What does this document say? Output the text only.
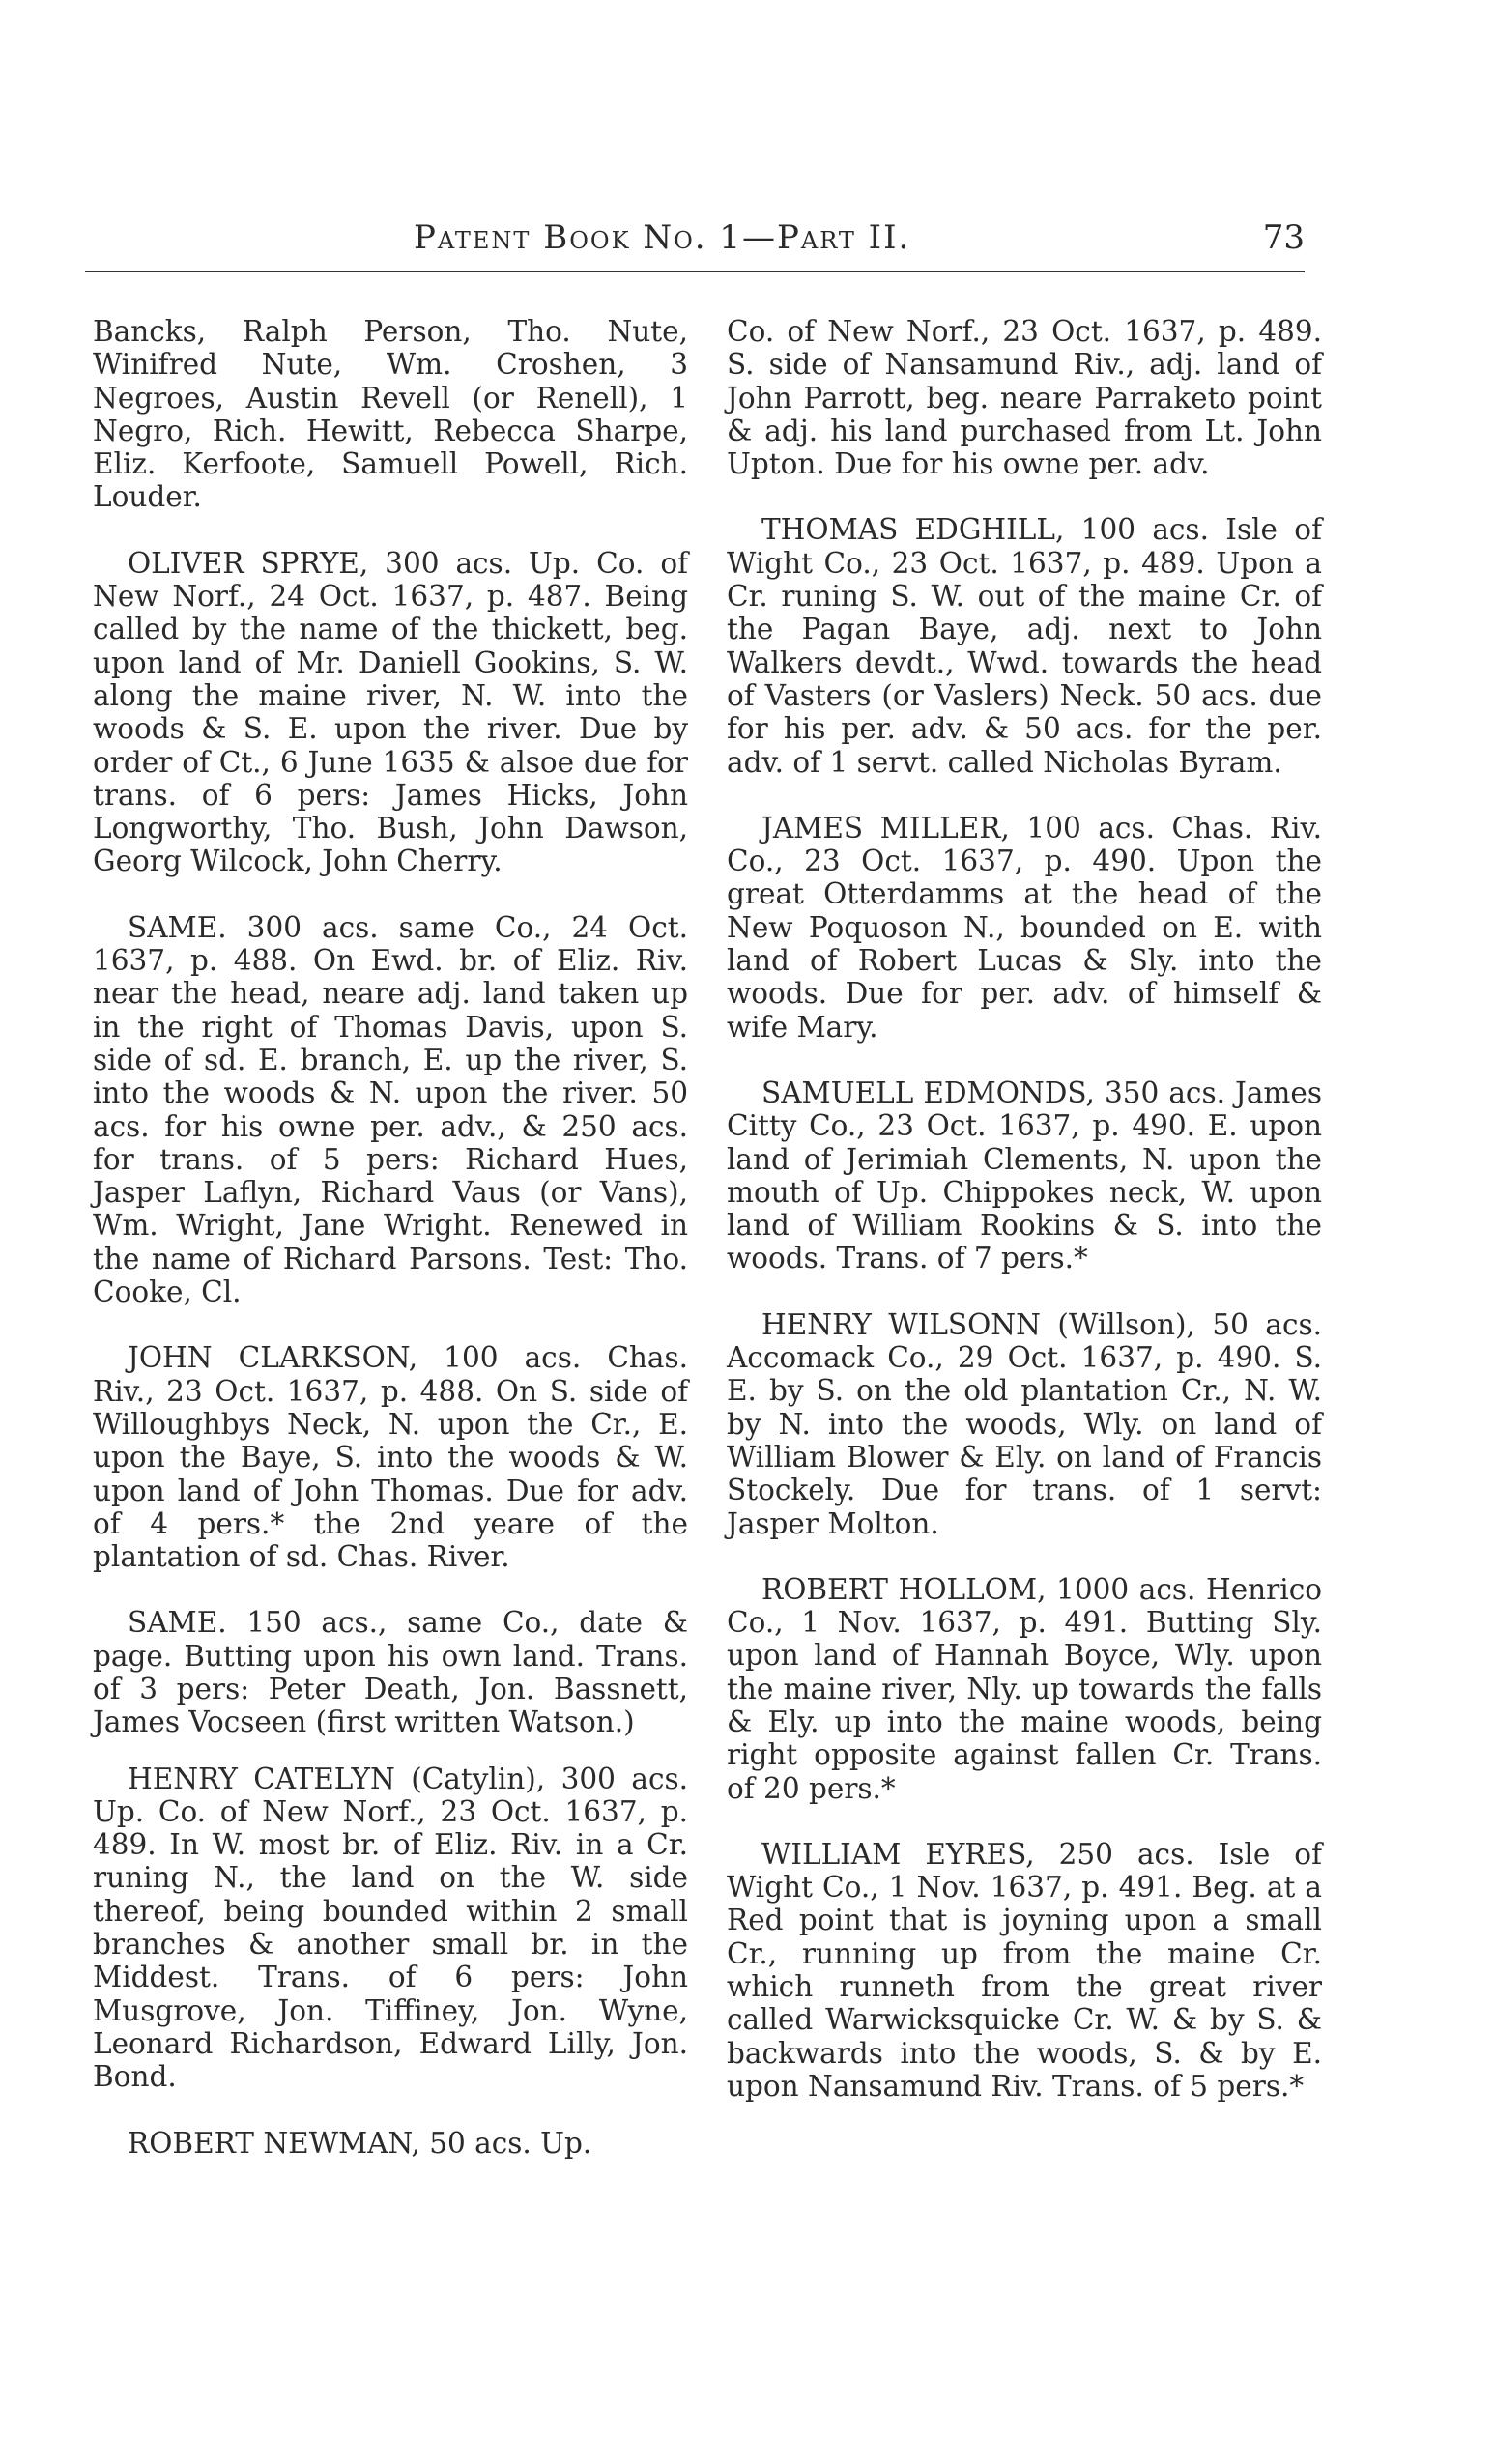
Patent Book No. 1—Part II.	73

Bancks, Ralph Person, Tho. Nute, Winifred Nute, Wm. Croshen, 3 Negroes, Austin Revell (or Renell), 1 Negro, Rich. Hewitt, Rebecca Sharpe, Eliz. Kerfoote, Samuell Powell, Rich. Louder.

OLIVER SPRYE, 300 acs. Up. Co. of New Norf., 24 Oct. 1637, p. 487. Being called by the name of the thickett, beg. upon land of Mr. Daniell Gookins, S. W. along the maine river, N. W. into the woods & S. E. upon the river. Due by order of Ct., 6 June 1635 & alsoe due for trans. of 6 pers: James Hicks, John Longworthy, Tho. Bush, John Dawson, Georg Wilcock, John Cherry.

SAME. 300 acs. same Co., 24 Oct. 1637, p. 488. On Ewd. br. of Eliz. Riv. near the head, neare adj. land taken up in the right of Thomas Davis, upon S. side of sd. E. branch, E. up the river, S. into the woods & N. upon the river. 50 acs. for his owne per. adv., & 250 acs. for trans. of 5 pers: Richard Hues, Jasper Laflyn, Richard Vaus (or Vans), Wm. Wright, Jane Wright. Renewed in the name of Richard Parsons. Test: Tho. Cooke, Cl.

JOHN CLARKSON, 100 acs. Chas. Riv., 23 Oct. 1637, p. 488. On S. side of Willoughbys Neck, N. upon the Cr., E. upon the Baye, S. into the woods & W. upon land of John Thomas. Due for adv. of 4 pers.* the 2nd yeare of the plantation of sd. Chas. River.

SAME. 150 acs., same Co., date & page. Butting upon his own land. Trans. of 3 pers: Peter Death, Jon. Bassnett, James Vocseen (first written Watson.)

HENRY CATELYN (Catylin), 300 acs. Up. Co. of New Norf., 23 Oct. 1637, p. 489. In W. most br. of Eliz. Riv. in a Cr. runing N., the land on the W. side thereof, being bounded within 2 small branches & another small br. in the Middest. Trans. of 6 pers: John Musgrove, Jon. Tiffiney, Jon. Wyne, Leonard Richardson, Edward Lilly, Jon. Bond.

ROBERT NEWMAN, 50 acs. Up.

Co. of New Norf., 23 Oct. 1637, p. 489. S. side of Nansamund Riv., adj. land of John Parrott, beg. neare Parraketo point & adj. his land purchased from Lt. John Upton. Due for his owne per. adv.

THOMAS EDGHILL, 100 acs. Isle of Wight Co., 23 Oct. 1637, p. 489. Upon a Cr. runing S. W. out of the maine Cr. of the Pagan Baye, adj. next to John Walkers devdt., Wwd. towards the head of Vasters (or Vaslers) Neck. 50 acs. due for his per. adv. & 50 acs. for the per. adv. of 1 servt. called Nicholas Byram.

JAMES MILLER, 100 acs. Chas. Riv. Co., 23 Oct. 1637, p. 490. Upon the great Otterdamms at the head of the New Poquoson N., bounded on E. with land of Robert Lucas & Sly. into the woods. Due for per. adv. of himself & wife Mary.

SAMUELL EDMONDS, 350 acs. James Citty Co., 23 Oct. 1637, p. 490. E. upon land of Jerimiah Clements, N. upon the mouth of Up. Chippokes neck, W. upon land of William Rookins & S. into the woods. Trans. of 7 pers.*

HENRY WILSONN (Willson), 50 acs. Accomack Co., 29 Oct. 1637, p. 490. S. E. by S. on the old plantation Cr., N. W. by N. into the woods, Wly. on land of William Blower & Ely. on land of Francis Stockely. Due for trans. of 1 servt: Jasper Molton.

ROBERT HOLLOM, 1000 acs. Henrico Co., 1 Nov. 1637, p. 491. Butting Sly. upon land of Hannah Boyce, Wly. upon the maine river, Nly. up towards the falls & Ely. up into the maine woods, being right opposite against fallen Cr. Trans. of 20 pers.*

WILLIAM EYRES, 250 acs. Isle of Wight Co., 1 Nov. 1637, p. 491. Beg. at a Red point that is joyning upon a small Cr., running up from the maine Cr. which runneth from the great river called Warwicksquicke Cr. W. & by S. & backwards into the woods, S. & by E. upon Nansamund Riv. Trans. of 5 pers.*
